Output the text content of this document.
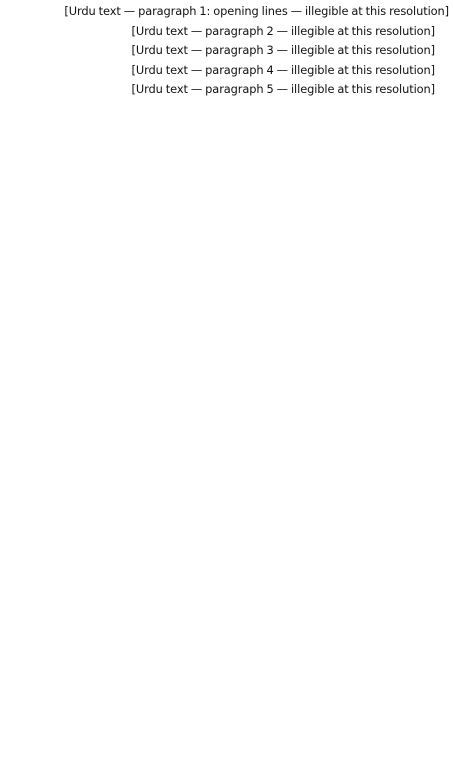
[Urdu text — paragraph 1: opening lines — illegible at this resolution]

[Urdu text — paragraph 2 — illegible at this resolution]

[Urdu text — paragraph 3 — illegible at this resolution]

[Urdu text — paragraph 4 — illegible at this resolution]

[Urdu text — paragraph 5 — illegible at this resolution]
